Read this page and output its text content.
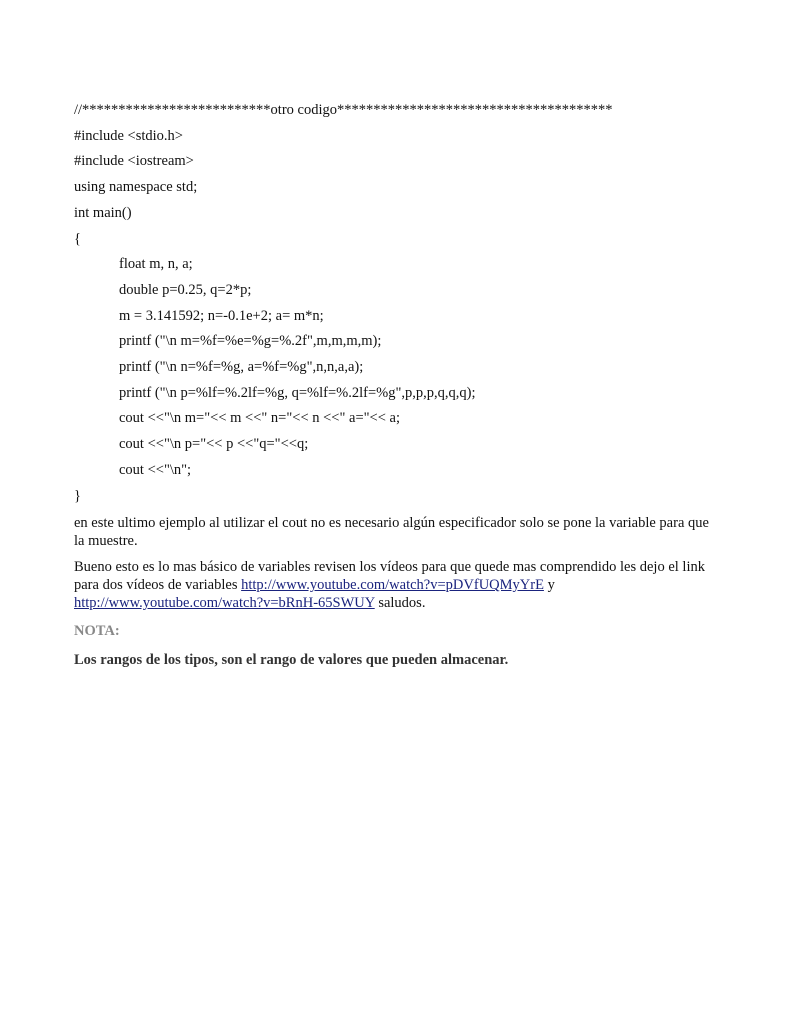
//**************************otro codigo**************************************

#include <stdio.h>

#include <iostream>

using namespace std;

int main()

{

float m, n, a;

double p=0.25, q=2*p;

m = 3.141592; n=-0.1e+2; a= m*n;

printf ("\n m=%f=%e=%g=%.2f",m,m,m,m);

printf ("\n n=%f=%g, a=%f=%g",n,n,a,a);

printf ("\n p=%lf=%.2lf=%g, q=%lf=%.2lf=%g",p,p,p,q,q,q);

cout <<"\n m="<< m <<" n="<< n <<" a="<< a;

cout <<"\n p="<< p <<"q="<<q;

cout <<"\n";

}

en este ultimo ejemplo al utilizar el cout no es necesario algún especificador solo se pone la variable para que la muestre.

Bueno esto es lo mas básico de variables revisen los vídeos para que quede mas comprendido les dejo el link para dos vídeos de variables http://www.youtube.com/watch?v=pDVfUQMyYrE y http://www.youtube.com/watch?v=bRnH-65SWUY saludos.

NOTA:

Los rangos de los tipos, son el rango de valores que pueden almacenar.
